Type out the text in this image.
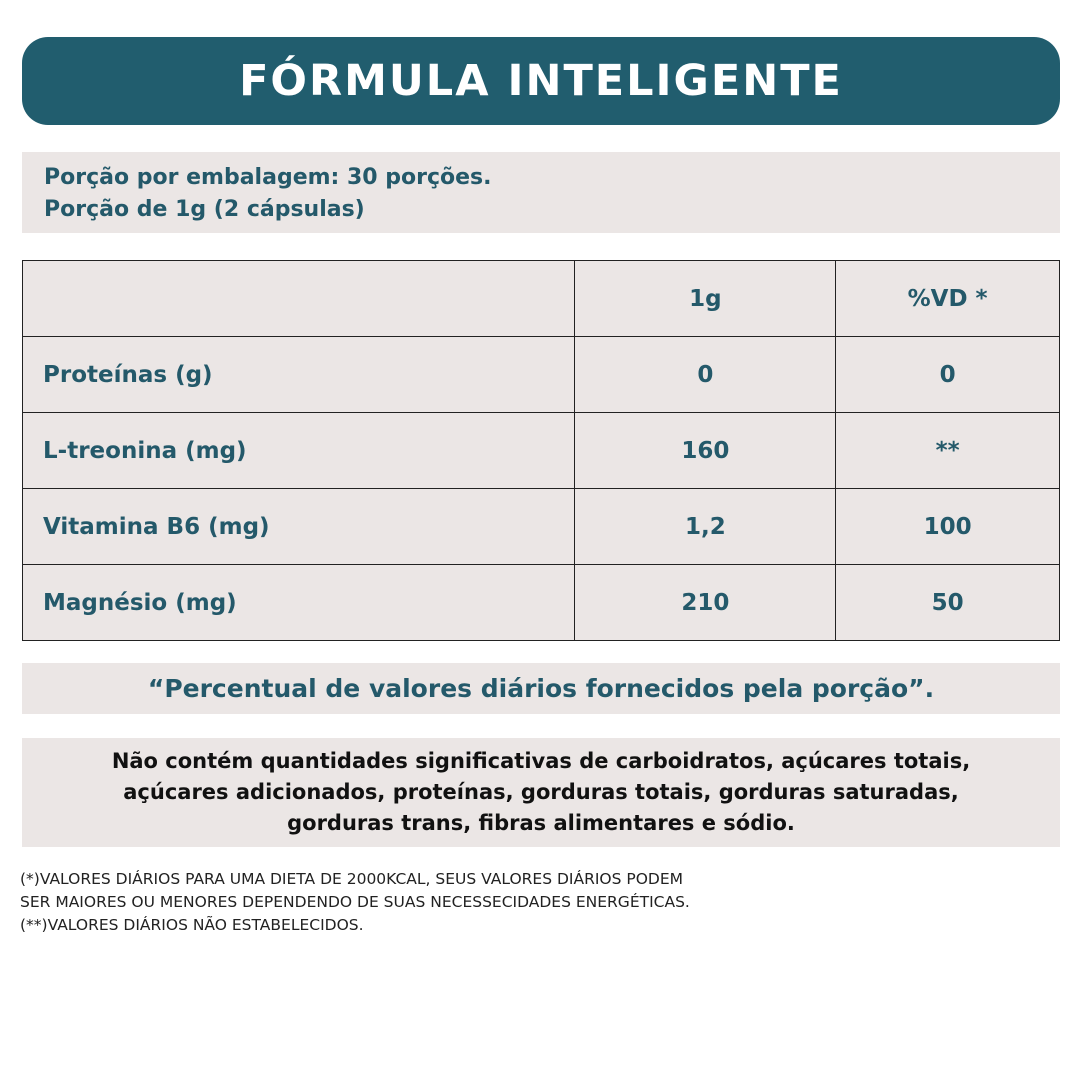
FÓRMULA INTELIGENTE
Porção por embalagem: 30 porções.
Porção de 1g (2 cápsulas)
	1g	%VD *
Proteínas (g)	0	0
L-treonina (mg)	160	**
Vitamina B6 (mg)	1,2	100
Magnésio (mg)	210	50
“Percentual de valores diários fornecidos pela porção”.
Não contém quantidades significativas de carboidratos, açúcares totais,
açúcares adicionados, proteínas, gorduras totais, gorduras saturadas,
gorduras trans, fibras alimentares e sódio.
(*)VALORES DIÁRIOS PARA UMA DIETA DE 2000KCAL, SEUS VALORES DIÁRIOS PODEM
SER MAIORES OU MENORES DEPENDENDO DE SUAS NECESSECIDADES ENERGÉTICAS.
(**)VALORES DIÁRIOS NÃO ESTABELECIDOS.
